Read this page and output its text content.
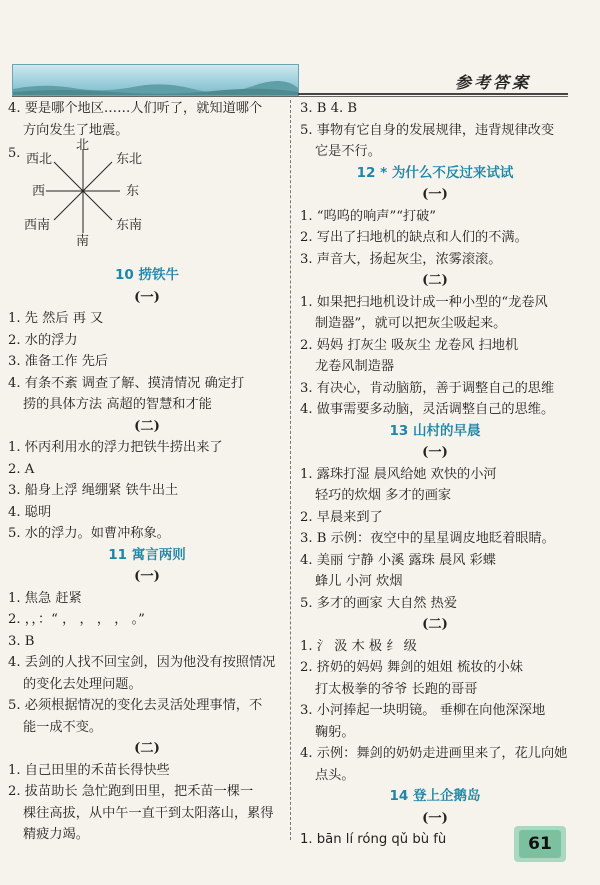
参考答案
4. 要是哪个地区……人们听了，就知道哪个
方向发生了地震。
5.
北
西北	东北
西	东
西南	东南
南
10 捞铁牛
(一)
1. 先 然后 再 又
2. 水的浮力
3. 准备工作 先后
4. 有条不紊 调查了解、摸清情况 确定打
捞的具体方法 高超的智慧和才能
(二)
1. 怀丙利用水的浮力把铁牛捞出来了
2. A
3. 船身上浮 绳绷紧 铁牛出土
4. 聪明
5. 水的浮力。如曹冲称象。
11 寓言两则
(一)
1. 焦急 赶紧
2. ，，：“ ， ， ， ， 。”
3. B
4. 丢剑的人找不回宝剑，因为他没有按照情况
的变化去处理问题。
5. 必须根据情况的变化去灵活处理事情，不
能一成不变。
(二)
1. 自己田里的禾苗长得快些
2. 拔苗助长 急忙跑到田里，把禾苗一棵一
棵往高拔，从中午一直干到太阳落山，累得
精疲力竭。
3. B 4. B
5. 事物有它自身的发展规律，违背规律改变
它是不行。
12 * 为什么不反过来试试
(一)
1. “呜呜的响声”“打破”
2. 写出了扫地机的缺点和人们的不满。
3. 声音大，扬起灰尘，浓雾滚滚。
(二)
1. 如果把扫地机设计成一种小型的“龙卷风
制造器”，就可以把灰尘吸起来。
2. 妈妈 打灰尘 吸灰尘 龙卷风 扫地机
龙卷风制造器
3. 有决心，肯动脑筋，善于调整自己的思维
4. 做事需要多动脑，灵活调整自己的思维。
13 山村的早晨
(一)
1. 露珠打湿 晨风给她 欢快的小河
轻巧的炊烟 多才的画家
2. 早晨来到了
3. B 示例：夜空中的星星调皮地眨着眼睛。
4. 美丽 宁静 小溪 露珠 晨风 彩蝶
蜂儿 小河 炊烟
5. 多才的画家 大自然 热爱
(二)
1. 氵 汲 木 极 纟 级
2. 挤奶的妈妈 舞剑的姐姐 梳妆的小妹
打太极拳的爷爷 长跑的哥哥
3. 小河捧起一块明镜。 垂柳在向他深深地
鞠躬。
4. 示例：舞剑的奶奶走进画里来了，花儿向她
点头。
14 登上企鹅岛
(一)
1. bān lí róng qǔ bù fù	61
